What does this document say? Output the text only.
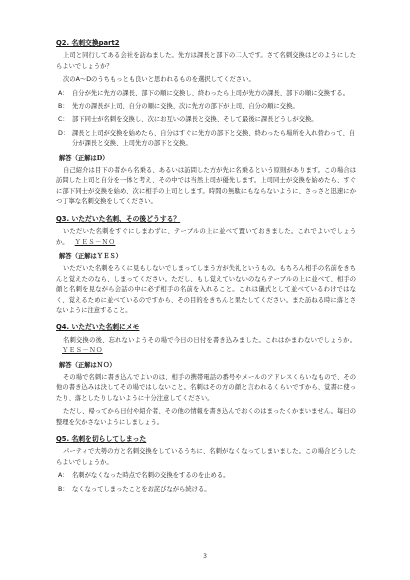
Q2. 名刺交換part2
上司と同行してある会社を訪ねました。先方は課長と部下の二人です。さて名刺交換はどのようにしたらよいでしょうか？
次のA～Dのうちもっとも良いと思われるものを選択してください。
A： 自分が先に先方の課長、部下の順に交換し、終わったら上司が先方の課長、部下の順に交換する。
B： 先方の課長が上司、自分の順に交換、次に先方の部下が上司、自分の順に交換。
C： 部下同士が名刺を交換し、次にお互いの課長と交換、そして最後に課長どうしが交換。
D： 課長と上司が交換を始めたら、自分はすぐに先方の部下と交換、終わったら場所を入れ替わって、自分が課長と交換、上司先方の部下と交換。
解答（正解はD）
自己紹介は目下の者から名乗る、あるいは訪問した方が先に名乗るという原則があります。この場合は訪問した上司と自分を一体と考え、その中では当然上司が優先します。上司同士が交換を始めたら、すぐに部下同士が交換を始め、次に相手の上司とします。時間の無駄にもならないように、さっさと迅速にかつ丁寧な名刺交換をしてください。
Q3. いただいた名刺、その後どうする？
いただいた名刺をすぐにしまわずに、テーブルの上に並べて置いておきました。これでよいでしょうか。 ＹＥＳ－ＮＯ
解答（正解はＹＥＳ）
いただいた名刺をろくに見もしないでしまってしまう方が失礼というもの。もちろん相手の名前をきちんと覚えたのなら、しまってください。ただし、もし覚えていないのならテーブルの上に並べて、相手の顔と名刺を見ながら会話の中に必ず相手の名前を入れること。これは儀式として並べているわけではなく、覚えるために並べているのですから、その目的をきちんと果たしてください。また訪ねる時に落とさないように注意すること。
Q4. いただいた名刺にメモ
名刺交換の後、忘れないようその場で今日の日付を書き込みました。これはかまわないでしょうか。ＹＥＳ－ＮＯ
解答（正解はＮＯ）
その場で名刺に書き込んでよいのは、相手の携帯電話の番号やメールのアドレスくらいなもので、その他の書き込みは決してその場ではしないこと。名刺はその方の顔と言われるくらいですから、覚書に使ったり、落としたりしないように十分注意してください。
ただし、帰ってから日付や紹介者、その他の情報を書き込んでおくのはまったくかまいません。毎日の整理を欠かさないようにしましょう。
Q5. 名刺を切らしてしまった
パーティで大勢の方と名刺交換をしているうちに、名刺がなくなってしまいました。この場合どうしたらよいでしょうか。
A： 名刺がなくなった時点で名刺の交換をするのを止める。
B： なくなってしまったことをお詫びながら続ける。
3
